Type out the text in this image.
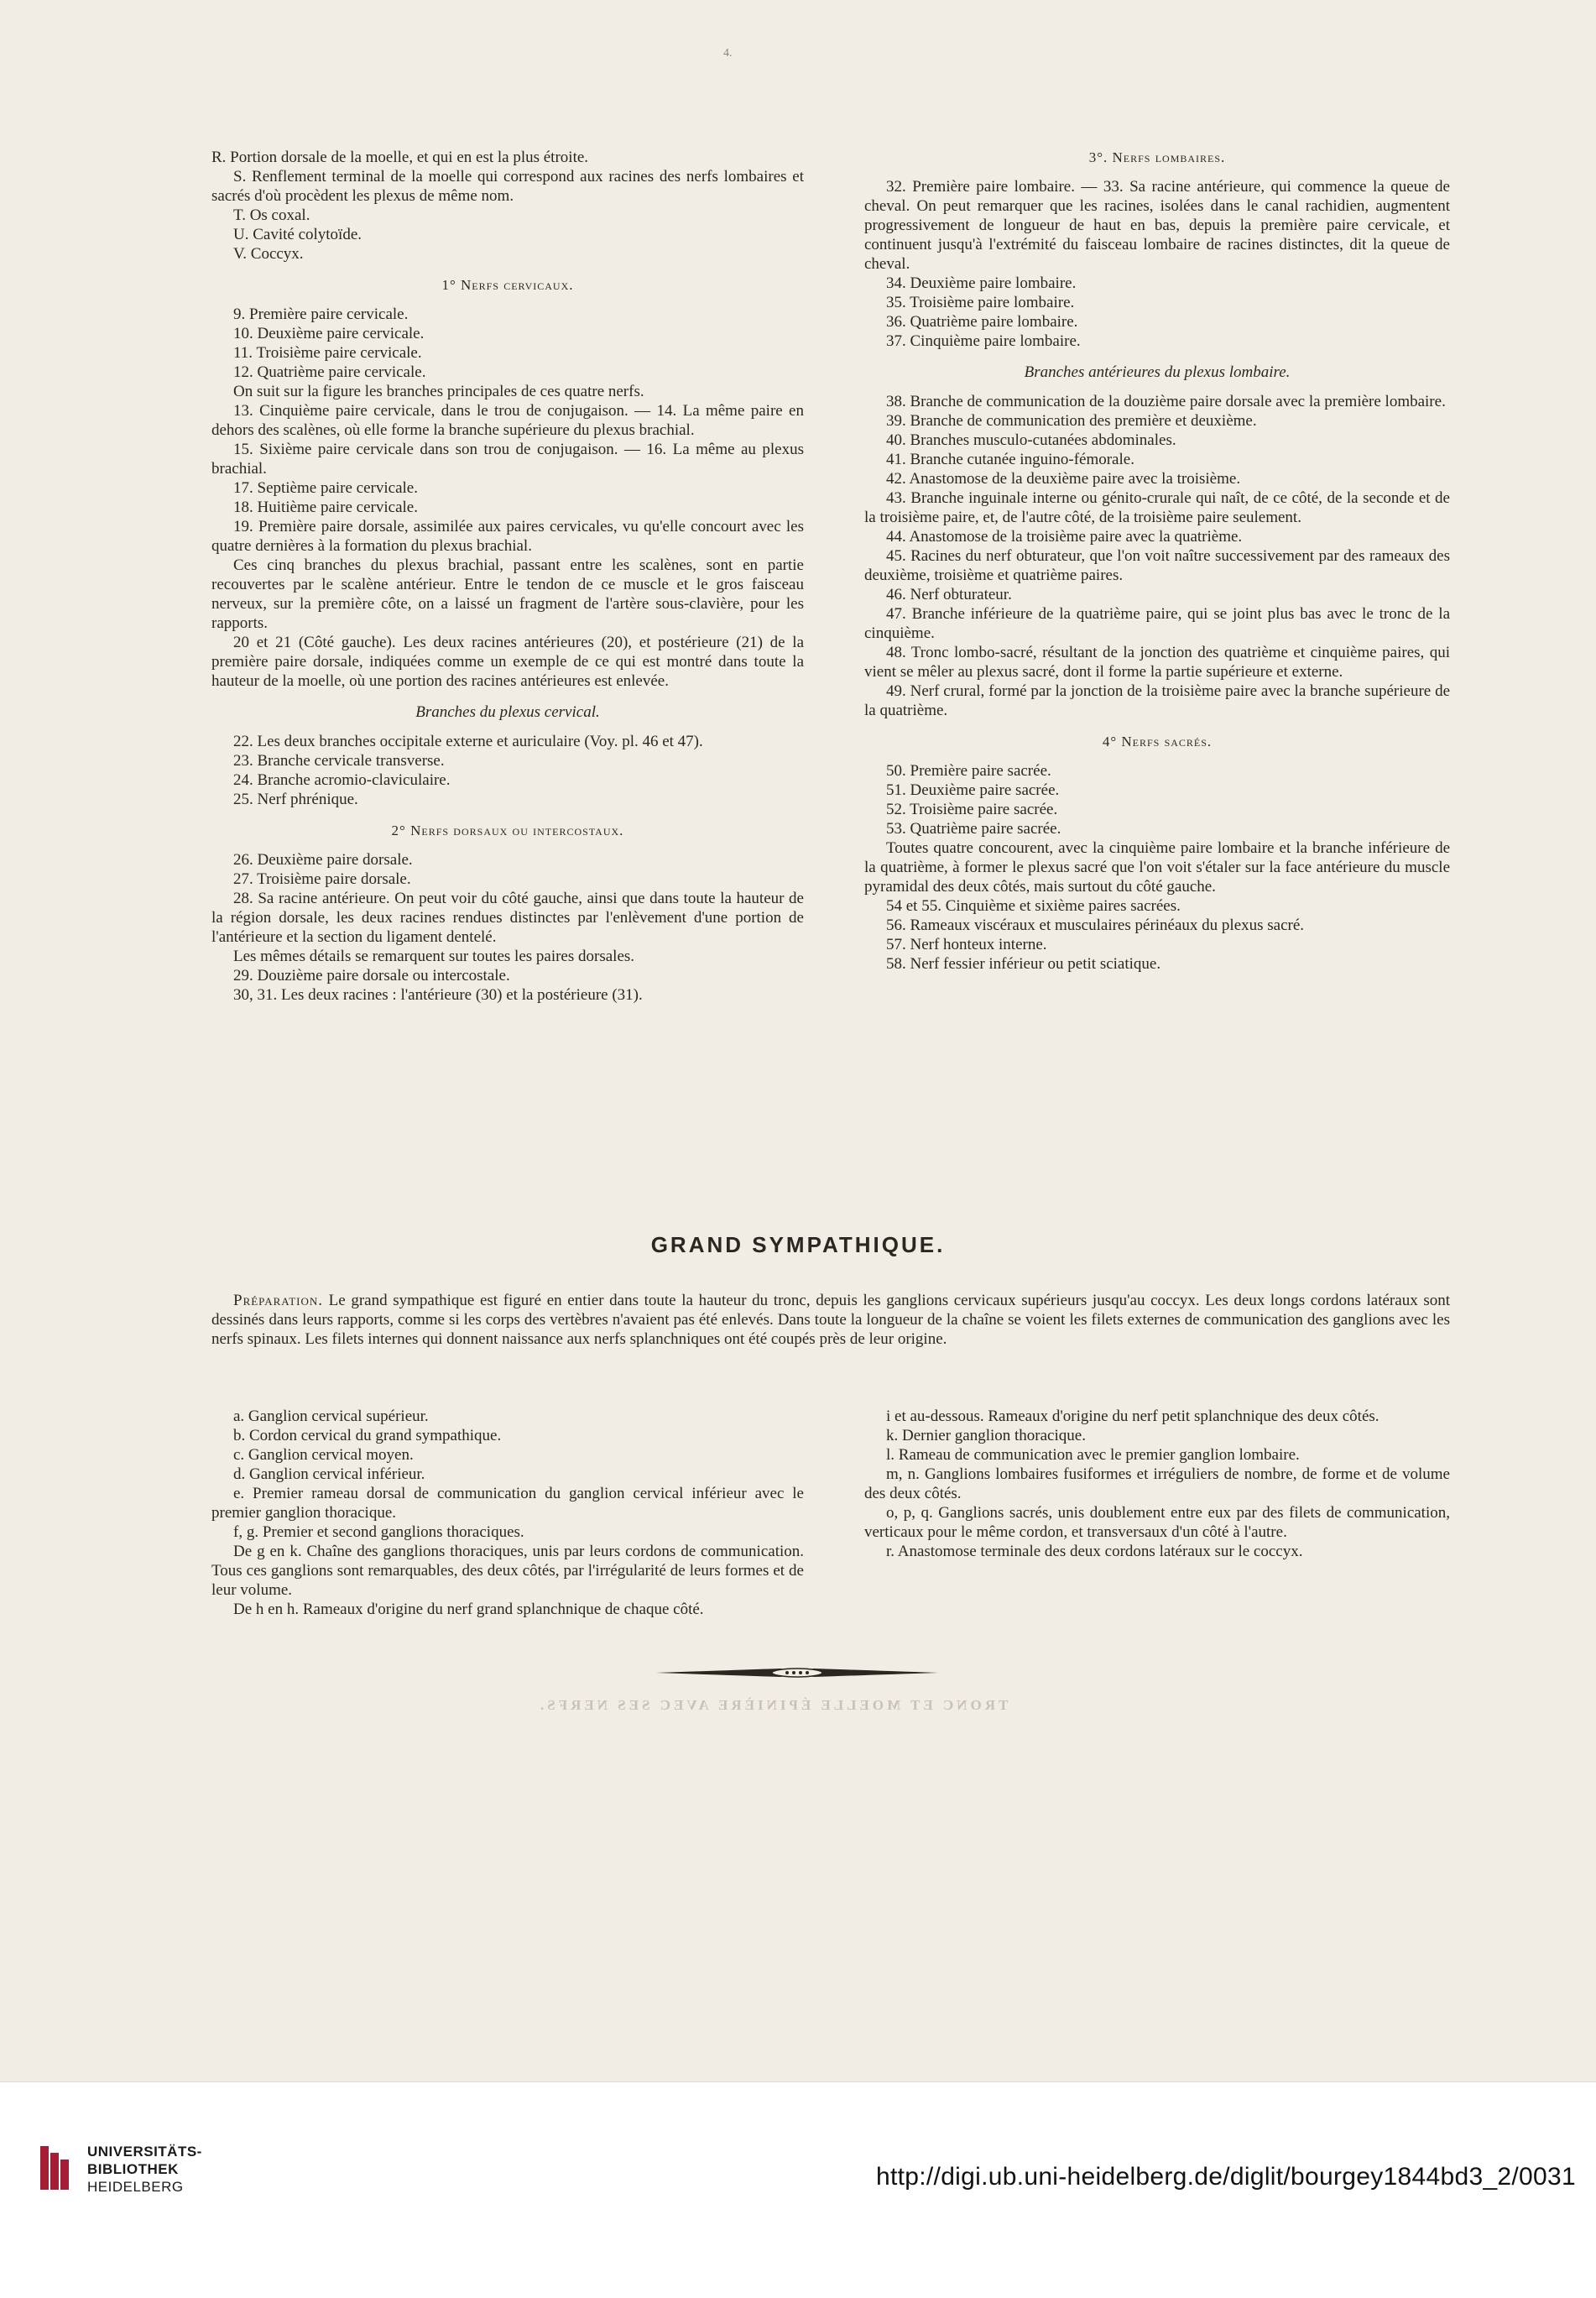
4.
TRONC ET MOELLE ÉPINIÈRE AVEC SES NERFS.

R. Portion dorsale de la moelle, et qui en est la plus étroite.

S. Renflement terminal de la moelle qui correspond aux racines des nerfs lombaires et sacrés d'où procèdent les plexus de même nom.

T. Os coxal.

U. Cavité colytoïde.

V. Coccyx.

1° Nerfs cervicaux.

9. Première paire cervicale.

10. Deuxième paire cervicale.

11. Troisième paire cervicale.

12. Quatrième paire cervicale.

On suit sur la figure les branches principales de ces quatre nerfs.

13. Cinquième paire cervicale, dans le trou de conjugaison. — 14. La même paire en dehors des scalènes, où elle forme la branche supérieure du plexus brachial.

15. Sixième paire cervicale dans son trou de conjugaison. — 16. La même au plexus brachial.

17. Septième paire cervicale.

18. Huitième paire cervicale.

19. Première paire dorsale, assimilée aux paires cervicales, vu qu'elle concourt avec les quatre dernières à la formation du plexus brachial.

Ces cinq branches du plexus brachial, passant entre les scalènes, sont en partie recouvertes par le scalène antérieur. Entre le tendon de ce muscle et le gros faisceau nerveux, sur la première côte, on a laissé un fragment de l'artère sous-clavière, pour les rapports.

20 et 21 (Côté gauche). Les deux racines antérieures (20), et postérieure (21) de la première paire dorsale, indiquées comme un exemple de ce qui est montré dans toute la hauteur de la moelle, où une portion des racines antérieures est enlevée.

Branches du plexus cervical.

22. Les deux branches occipitale externe et auriculaire (Voy. pl. 46 et 47).

23. Branche cervicale transverse.

24. Branche acromio-claviculaire.

25. Nerf phrénique.

2° Nerfs dorsaux ou intercostaux.

26. Deuxième paire dorsale.

27. Troisième paire dorsale.

28. Sa racine antérieure. On peut voir du côté gauche, ainsi que dans toute la hauteur de la région dorsale, les deux racines rendues distinctes par l'enlèvement d'une portion de l'antérieure et la section du ligament dentelé.

Les mêmes détails se remarquent sur toutes les paires dorsales.

29. Douzième paire dorsale ou intercostale.

30, 31. Les deux racines : l'antérieure (30) et la postérieure (31).

3°. Nerfs lombaires.

32. Première paire lombaire. — 33. Sa racine antérieure, qui commence la queue de cheval. On peut remarquer que les racines, isolées dans le canal rachidien, augmentent progressivement de longueur de haut en bas, depuis la première paire cervicale, et continuent jusqu'à l'extrémité du faisceau lombaire de racines distinctes, dit la queue de cheval.

34. Deuxième paire lombaire.

35. Troisième paire lombaire.

36. Quatrième paire lombaire.

37. Cinquième paire lombaire.

Branches antérieures du plexus lombaire.

38. Branche de communication de la douzième paire dorsale avec la première lombaire.

39. Branche de communication des première et deuxième.

40. Branches musculo-cutanées abdominales.

41. Branche cutanée inguino-fémorale.

42. Anastomose de la deuxième paire avec la troisième.

43. Branche inguinale interne ou génito-crurale qui naît, de ce côté, de la seconde et de la troisième paire, et, de l'autre côté, de la troisième paire seulement.

44. Anastomose de la troisième paire avec la quatrième.

45. Racines du nerf obturateur, que l'on voit naître successivement par des rameaux des deuxième, troisième et quatrième paires.

46. Nerf obturateur.

47. Branche inférieure de la quatrième paire, qui se joint plus bas avec le tronc de la cinquième.

48. Tronc lombo-sacré, résultant de la jonction des quatrième et cinquième paires, qui vient se mêler au plexus sacré, dont il forme la partie supérieure et externe.

49. Nerf crural, formé par la jonction de la troisième paire avec la branche supérieure de la quatrième.

4° Nerfs sacrés.

50. Première paire sacrée.

51. Deuxième paire sacrée.

52. Troisième paire sacrée.

53. Quatrième paire sacrée.

Toutes quatre concourent, avec la cinquième paire lombaire et la branche inférieure de la quatrième, à former le plexus sacré que l'on voit s'étaler sur la face antérieure du muscle pyramidal des deux côtés, mais surtout du côté gauche.

54 et 55. Cinquième et sixième paires sacrées.

56. Rameaux viscéraux et musculaires périnéaux du plexus sacré.

57. Nerf honteux interne.

58. Nerf fessier inférieur ou petit sciatique.

GRAND SYMPATHIQUE.

Préparation. Le grand sympathique est figuré en entier dans toute la hauteur du tronc, depuis les ganglions cervicaux supérieurs jusqu'au coccyx. Les deux longs cordons latéraux sont dessinés dans leurs rapports, comme si les corps des vertèbres n'avaient pas été enlevés. Dans toute la longueur de la chaîne se voient les filets externes de communication des ganglions avec les nerfs spinaux. Les filets internes qui donnent naissance aux nerfs splanchniques ont été coupés près de leur origine.

a. Ganglion cervical supérieur.

b. Cordon cervical du grand sympathique.

c. Ganglion cervical moyen.

d. Ganglion cervical inférieur.

e. Premier rameau dorsal de communication du ganglion cervical inférieur avec le premier ganglion thoracique.

f, g. Premier et second ganglions thoraciques.

De g en k. Chaîne des ganglions thoraciques, unis par leurs cordons de communication. Tous ces ganglions sont remarquables, des deux côtés, par l'irrégularité de leurs formes et de leur volume.

De h en h. Rameaux d'origine du nerf grand splanchnique de chaque côté.

i et au-dessous. Rameaux d'origine du nerf petit splanchnique des deux côtés.

k. Dernier ganglion thoracique.

l. Rameau de communication avec le premier ganglion lombaire.

m, n. Ganglions lombaires fusiformes et irréguliers de nombre, de forme et de volume des deux côtés.

o, p, q. Ganglions sacrés, unis doublement entre eux par des filets de communication, verticaux pour le même cordon, et transversaux d'un côté à l'autre.

r. Anastomose terminale des deux cordons latéraux sur le coccyx.

UNIVERSITÄTS-
BIBLIOTHEK
HEIDELBERG	http://digi.ub.uni-heidelberg.de/diglit/bourgey1844bd3_2/0031
